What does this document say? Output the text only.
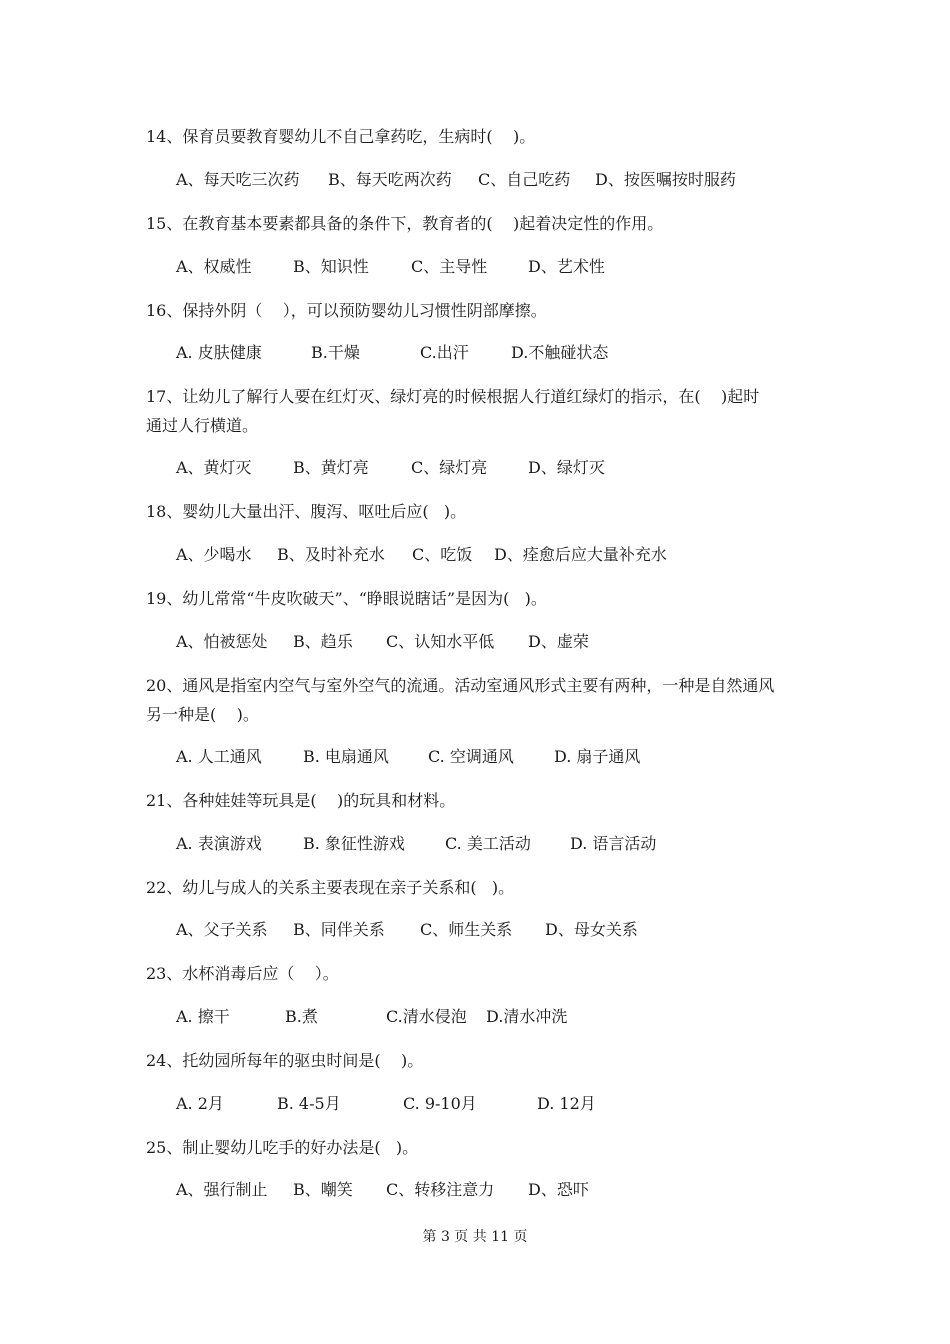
14、保育员要教育婴幼儿不自己拿药吃，生病时(    )。
A、每天吃三次药 B、每天吃两次药 C、自己吃药 D、按医嘱按时服药
15、在教育基本要素都具备的条件下，教育者的(    )起着决定性的作用。
A、权威性	B、知识性	C、主导性	D、艺术性
16、保持外阴（    ），可以预防婴幼儿习惯性阴部摩擦。
A. 皮肤健康	B.干燥	C.出汗	D.不触碰状态
17、让幼儿了解行人要在红灯灭、绿灯亮的时候根据人行道红绿灯的指示，在(    )起时
通过人行横道。
A、黄灯灭	B、黄灯亮	C、绿灯亮	D、绿灯灭
18、婴幼儿大量出汗、腹泻、呕吐后应(   )。
A、少喝水 B、及时补充水 C、吃饭 D、痊愈后应大量补充水
19、幼儿常常“牛皮吹破天”、“睁眼说瞎话”是因为(   )。
A、怕被惩处 B、趋乐 C、认知水平低 D、虚荣
20、通风是指室内空气与室外空气的流通。活动室通风形式主要有两种，一种是自然通风
另一种是(    )。
A. 人工通风	B. 电扇通风 C. 空调通风	D. 扇子通风
21、各种娃娃等玩具是(    )的玩具和材料。
A. 表演游戏	B. 象征性游戏	C. 美工活动 D. 语言活动
22、幼儿与成人的关系主要表现在亲子关系和(   )。
A、父子关系 B、同伴关系 C、师生关系 D、母女关系
23、水杯消毒后应（    ）。
A. 擦干	B.煮	C.清水侵泡 D.清水冲洗
24、托幼园所每年的驱虫时间是(    )。
A. 2月	B. 4-5月	C. 9-10月	D. 12月
25、制止婴幼儿吃手的好办法是(   )。
A、强行制止 B、嘲笑 C、转移注意力 D、恐吓
第 3 页 共 11 页
